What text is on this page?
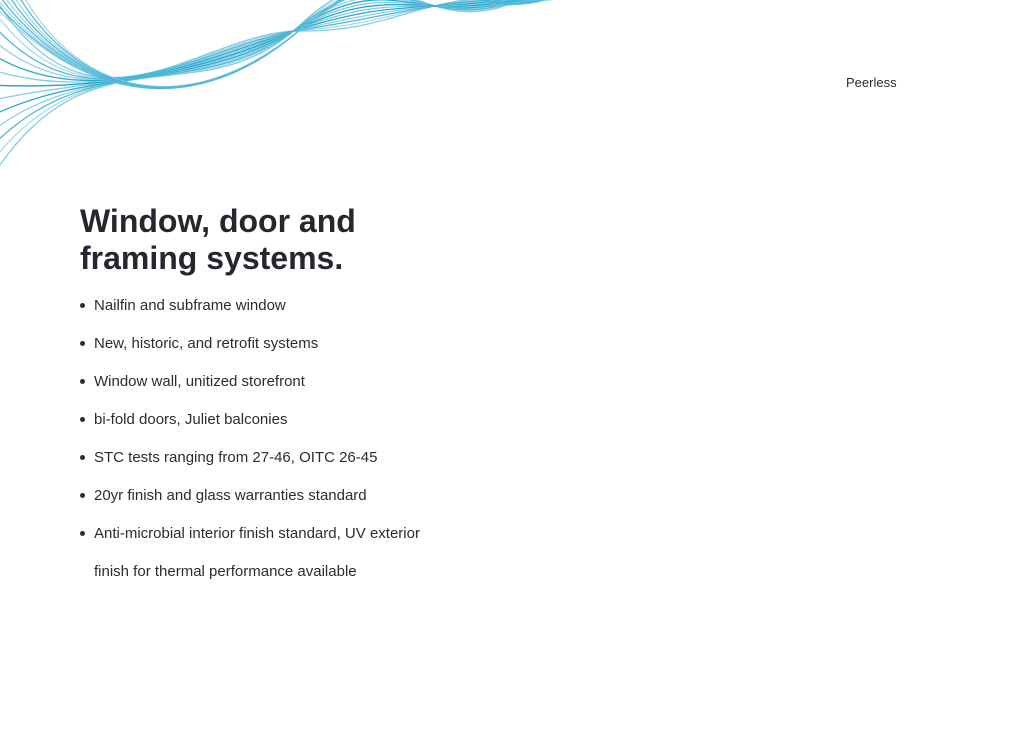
Peerless
Window, door and framing systems.
Nailfin and subframe window
New, historic, and retrofit systems
Window wall, unitized storefront
bi-fold doors, Juliet balconies
STC tests ranging from 27-46, OITC 26-45
20yr finish and glass warranties standard
Anti-microbial interior finish standard, UV exterior finish for thermal performance available
